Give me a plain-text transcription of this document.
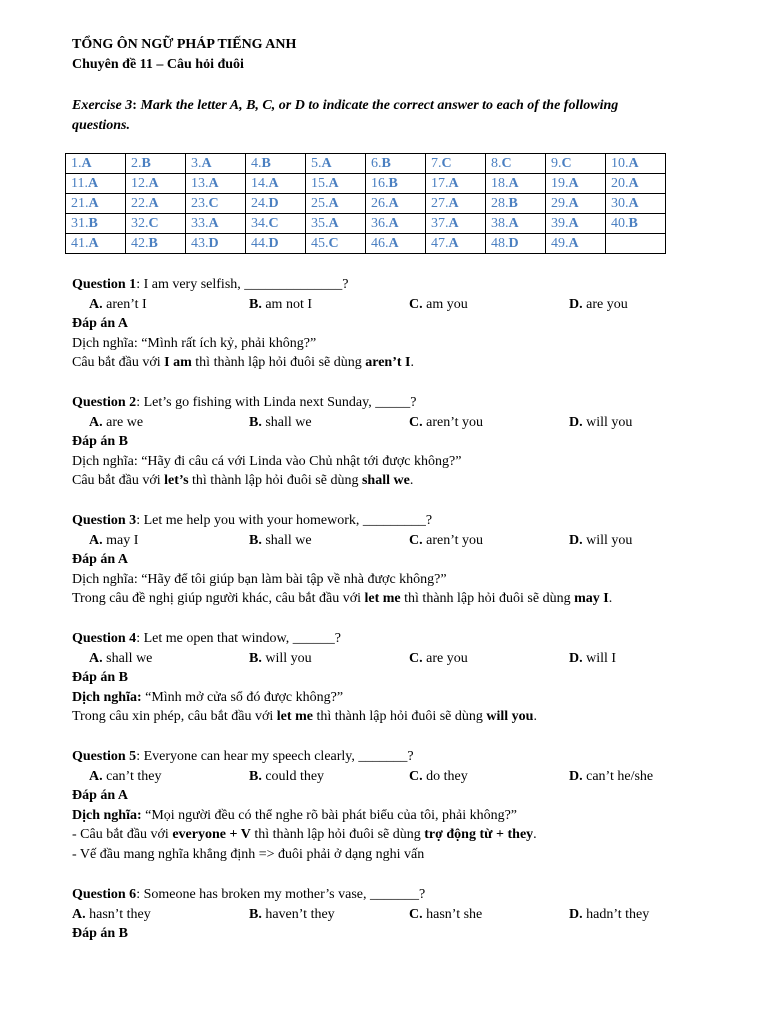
TỔNG ÔN NGỮ PHÁP TIẾNG ANH
Chuyên đề 11 – Câu hỏi đuôi
Exercise 3: Mark the letter A, B, C, or D to indicate the correct answer to each of the following questions.
1.A	2.B	3.A	4.B	5.A	6.B	7.C	8.C	9.C	10.A
11.A	12.A	13.A	14.A	15.A	16.B	17.A	18.A	19.A	20.A
21.A	22.A	23.C	24.D	25.A	26.A	27.A	28.B	29.A	30.A
31.B	32.C	33.A	34.C	35.A	36.A	37.A	38.A	39.A	40.B
41.A	42.B	43.D	44.D	45.C	46.A	47.A	48.D	49.A	
Question 1: I am very selfish, ______________?
A. aren’t I	B. am not I	C. am you	D. are you
Đáp án A
Dịch nghĩa: “Mình rất ích kỷ, phải không?”
Câu bắt đầu với I am thì thành lập hỏi đuôi sẽ dùng aren’t I.
Question 2: Let’s go fishing with Linda next Sunday, _____?
A. are we	B. shall we	C. aren’t you	D. will you
Đáp án B
Dịch nghĩa: “Hãy đi câu cá với Linda vào Chủ nhật tới được không?”
Câu bắt đầu với let’s thì thành lập hỏi đuôi sẽ dùng shall we.
Question 3: Let me help you with your homework, _________?
A. may I	B. shall we	C. aren’t you	D. will you
Đáp án A
Dịch nghĩa: “Hãy để tôi giúp bạn làm bài tập về nhà được không?”
Trong câu đề nghị giúp người khác, câu bắt đầu với let me thì thành lập hỏi đuôi sẽ dùng may I.
Question 4: Let me open that window, ______?
A. shall we	B. will you	C. are you	D. will I
Đáp án B
Dịch nghĩa: “Mình mở cửa sổ đó được không?”
Trong câu xin phép, câu bắt đầu với let me thì thành lập hỏi đuôi sẽ dùng will you.
Question 5: Everyone can hear my speech clearly, _______?
A. can’t they	B. could they	C. do they	D. can’t he/she
Đáp án A
Dịch nghĩa: “Mọi người đều có thể nghe rõ bài phát biểu của tôi, phải không?”
- Câu bắt đầu với everyone + V thì thành lập hỏi đuôi sẽ dùng trợ động từ + they.
- Vế đầu mang nghĩa khẳng định => đuôi phải ở dạng nghi vấn
Question 6: Someone has broken my mother’s vase, _______?
A. hasn’t they	B. haven’t they	C. hasn’t she	D. hadn’t they
Đáp án B
